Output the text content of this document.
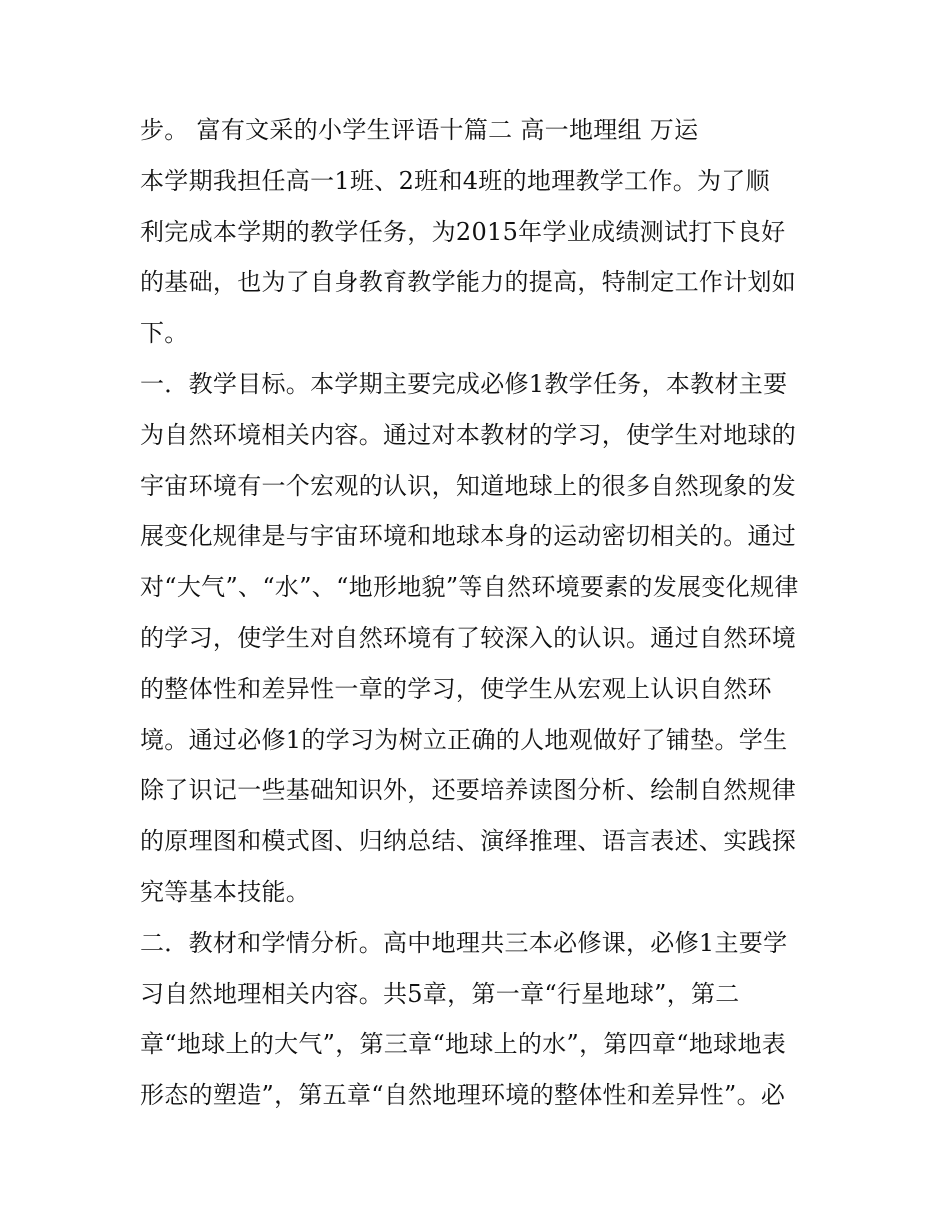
步。 富有文采的小学生评语十篇二 高一地理组 万运
本学期我担任高一1班、2班和4班的地理教学工作。为了顺
利完成本学期的教学任务，为2015年学业成绩测试打下良好
的基础，也为了自身教育教学能力的提高，特制定工作计划如
下。
一．教学目标。本学期主要完成必修1教学任务，本教材主要
为自然环境相关内容。通过对本教材的学习，使学生对地球的
宇宙环境有一个宏观的认识，知道地球上的很多自然现象的发
展变化规律是与宇宙环境和地球本身的运动密切相关的。通过
对“大气”、“水”、“地形地貌”等自然环境要素的发展变化规律
的学习，使学生对自然环境有了较深入的认识。通过自然环境
的整体性和差异性一章的学习，使学生从宏观上认识自然环
境。通过必修1的学习为树立正确的人地观做好了铺垫。学生
除了识记一些基础知识外，还要培养读图分析、绘制自然规律
的原理图和模式图、归纳总结、演绎推理、语言表述、实践探
究等基本技能。
二．教材和学情分析。高中地理共三本必修课，必修1主要学
习自然地理相关内容。共5章，第一章“行星地球”，第二
章“地球上的大气”，第三章“地球上的水”，第四章“地球地表
形态的塑造”，第五章“自然地理环境的整体性和差异性”。必
